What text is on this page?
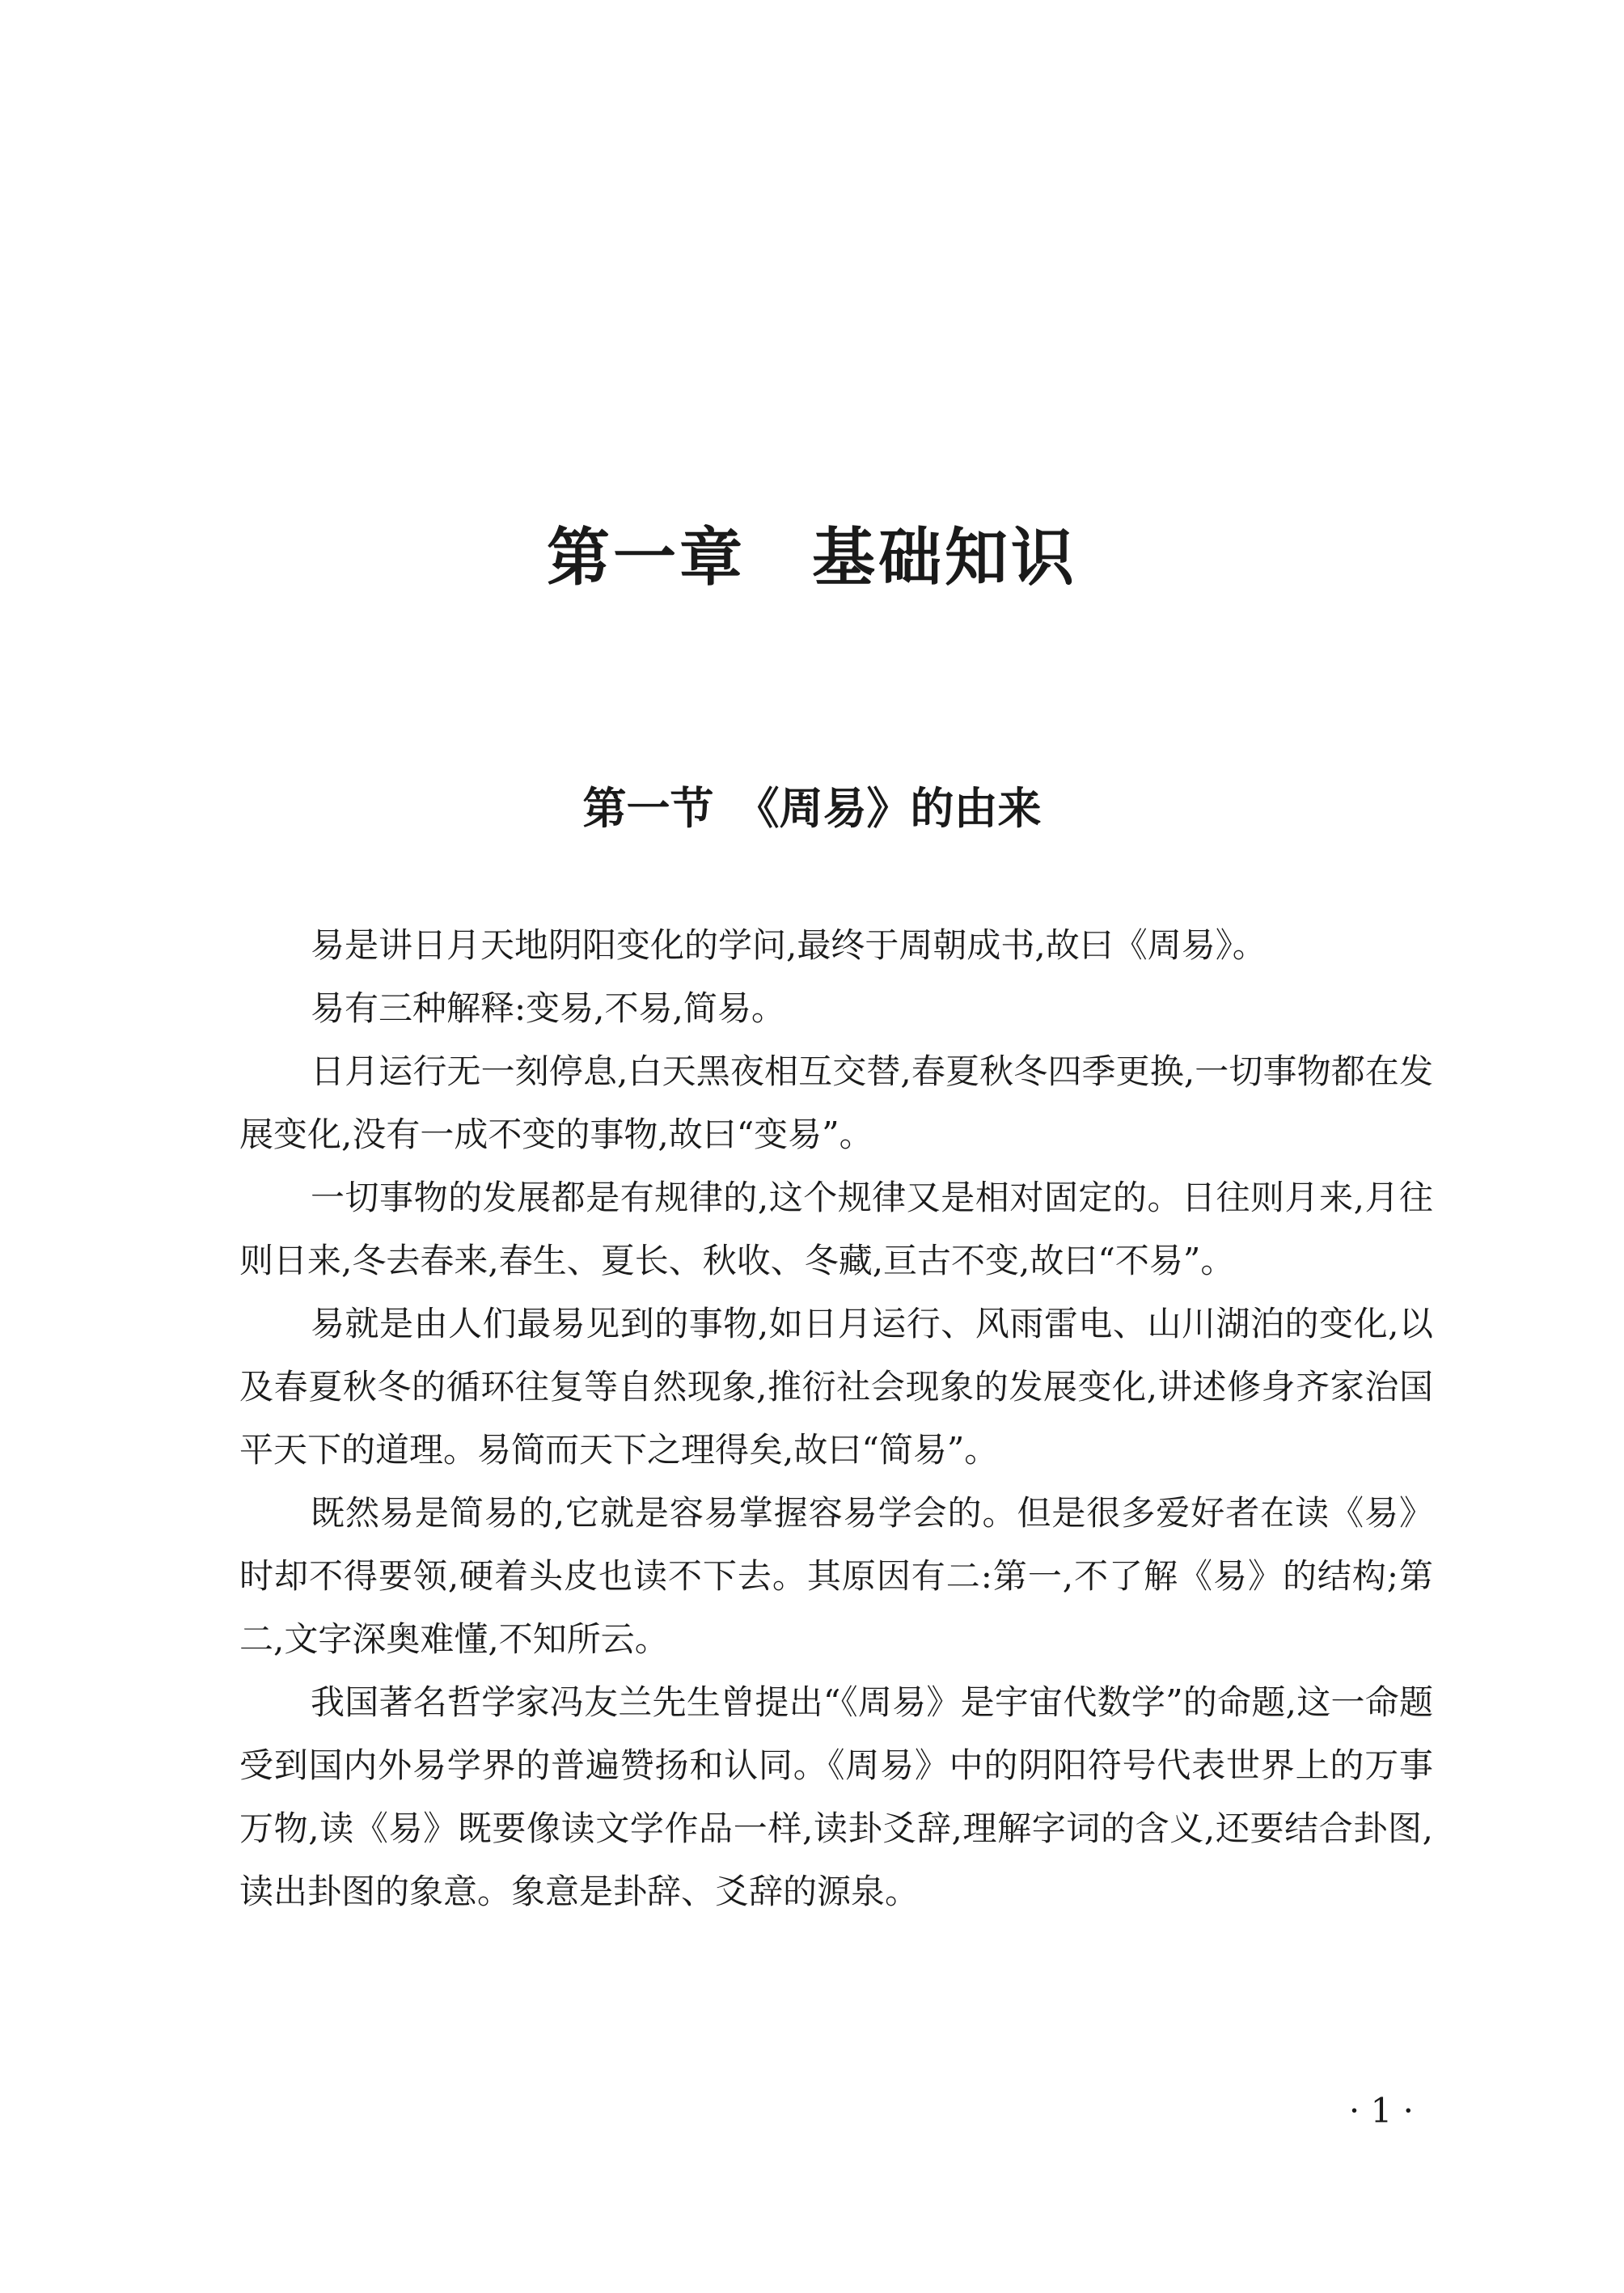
第一章　基础知识
第一节　《周易》的由来

易是讲日月天地阴阳变化的学问,最终于周朝成书,故曰《周易》。

易有三种解释:变易,不易,简易。

日月运行无一刻停息,白天黑夜相互交替,春夏秋冬四季更换,一切事物都在发展变化,没有一成不变的事物,故曰“变易”。

一切事物的发展都是有规律的,这个规律又是相对固定的。日往则月来,月往则日来,冬去春来,春生、夏长、秋收、冬藏,亘古不变,故曰“不易”。

易就是由人们最易见到的事物,如日月运行、风雨雷电、山川湖泊的变化,以及春夏秋冬的循环往复等自然现象,推衍社会现象的发展变化,讲述修身齐家治国平天下的道理。易简而天下之理得矣,故曰“简易”。

既然易是简易的,它就是容易掌握容易学会的。但是很多爱好者在读《易》时却不得要领,硬着头皮也读不下去。其原因有二:第一,不了解《易》的结构;第二,文字深奥难懂,不知所云。

我国著名哲学家冯友兰先生曾提出“《周易》是宇宙代数学”的命题,这一命题受到国内外易学界的普遍赞扬和认同。《周易》中的阴阳符号代表世界上的万事万物,读《易》既要像读文学作品一样,读卦爻辞,理解字词的含义,还要结合卦图,读出卦图的象意。象意是卦辞、爻辞的源泉。

· 1 ·
